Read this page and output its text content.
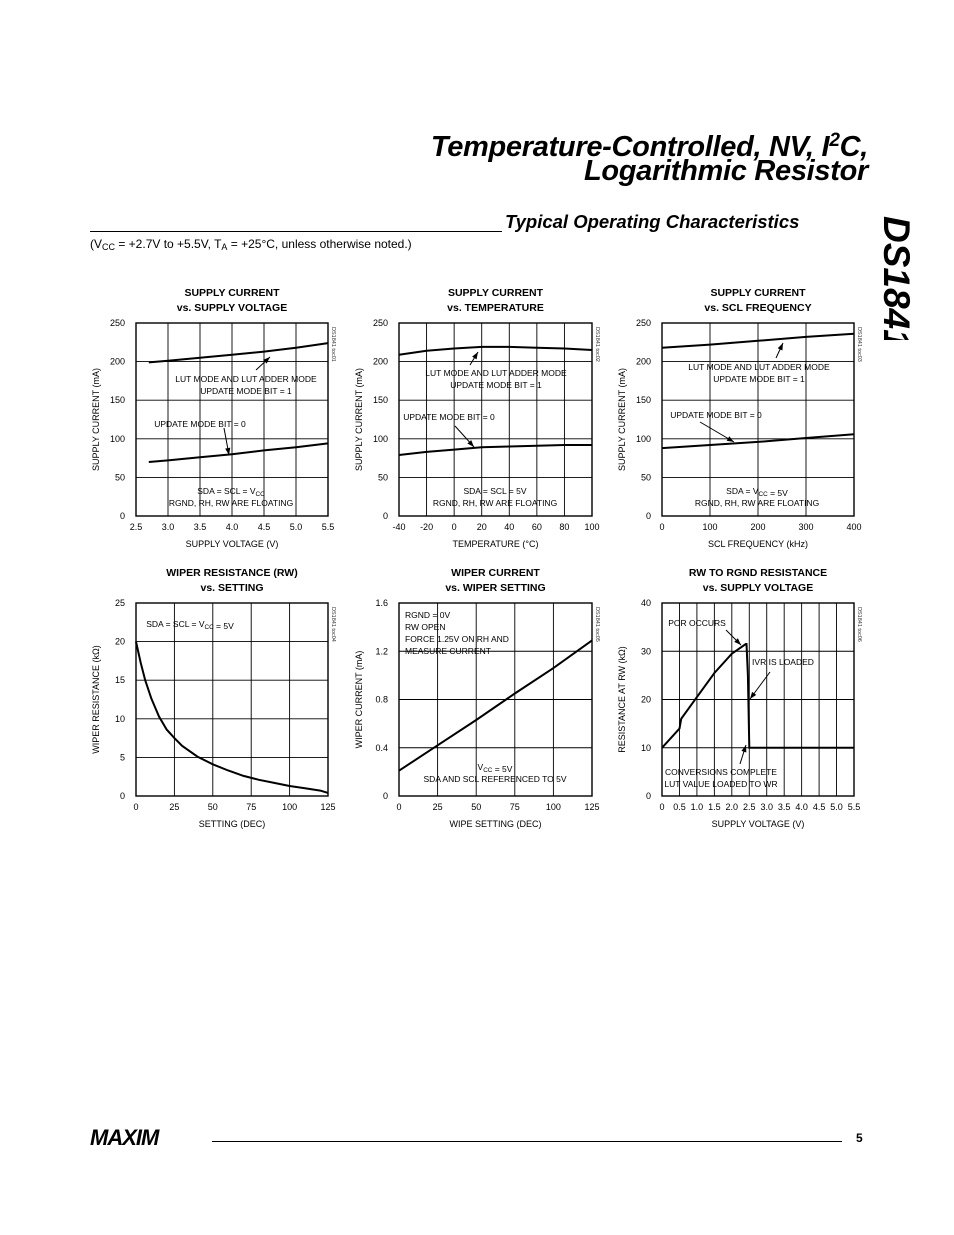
Temperature-Controlled, NV, $I^2C$,
Logarithmic Resistor
Typical Operating Characteristics DS1841
($V_{CC} = +2.7V$ to +5.5V, $T_A = +25^\circ C$, unless otherwise noted.)
SUPPLY CURRENT
vs. SUPPLY VOLTAGE
2.5 3.0 3.5 4.0 4.5 5.0 5.5
0
50
100
150
200
250
SUPPLY VOLTAGE (V)
SUPPLY CURRENT (mA)
DS1841 toc01
LUT MODE AND LUT ADDER MODE
UPDATE MODE BIT = 1
UPDATE MODE BIT = 0
SDA = SCL = $V_{CC}$
RGND, RH, RW ARE FLOATING
SUPPLY CURRENT
vs. TEMPERATURE
-40 -20 0 20 40 60 80 100
0
50
100
150
200
250
TEMPERATURE (°C)
SUPPLY CURRENT (mA)
DS1841 toc02
LUT MODE AND LUT ADDER MODE
UPDATE MODE BIT = 1
UPDATE MODE BIT = 0
SDA = SCL = 5V
RGND, RH, RW ARE FLOATING
SUPPLY CURRENT
vs. SCL FREQUENCY
0	100	200	300	400
0
50
100
150
200
250
SCL FREQUENCY (kHz)
SUPPLY CURRENT (mA)
DS1841 toc03
LUT MODE AND LUT ADDER MODE
UPDATE MODE BIT = 1
UPDATE MODE BIT = 0
SDA = $V_{CC} = 5V$
RGND, RH, RW ARE FLOATING
WIPER RESISTANCE (RW)
vs. SETTING
0	25	50	75	100	125
0
5
10
15
20
25
SETTING (DEC)
WIPER RESISTANCE (kΩ)
DS1841 toc04
SDA = SCL = $V_{CC} = 5V$
WIPER CURRENT
vs. WIPER SETTING
0	25	50	75	100	125
0
0.4
0.8
1.2
1.6
WIPE SETTING (DEC)
WIPER CURRENT (mA)
DS1841 toc05
RGND = 0V
RW OPEN
FORCE 1.25V ON RH AND
MEASURE CURRENT
$V_{CC} = 5V$
SDA AND SCL REFERENCED TO 5V
RW TO RGND RESISTANCE
vs. SUPPLY VOLTAGE
0 0.5 1.0 1.5 2.0 2.5 3.0 3.5 4.0 4.5 5.0 5.5
0
10
20
30
40
SUPPLY VOLTAGE (V)
RESISTANCE AT RW (kΩ)
DS1841 toc06
POR OCCURS
IVR IS LOADED
CONVERSIONS COMPLETE
LUT VALUE LOADED TO WR
MAXIM	5
